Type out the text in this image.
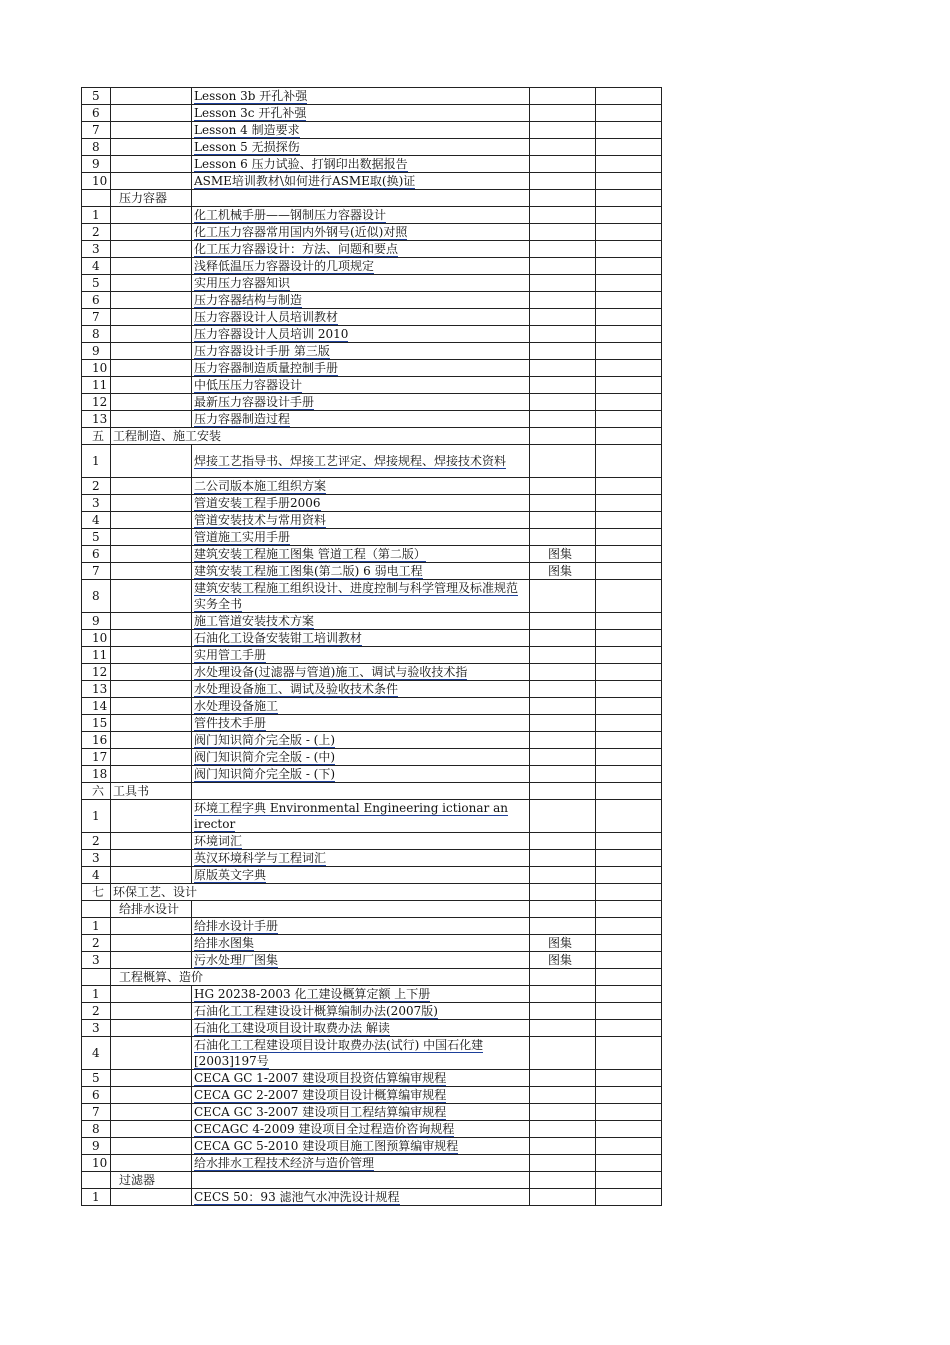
5		Lesson 3b 开孔补强		
6		Lesson 3c 开孔补强		
7		Lesson 4 制造要求		
8		Lesson 5 无损探伤		
9		Lesson 6 压力试验、打钢印出数据报告		
10		ASME培训教材\如何进行ASME取(换)证		
	压力容器			
1		化工机械手册——钢制压力容器设计		
2		化工压力容器常用国内外钢号(近似)对照		
3		化工压力容器设计：方法、问题和要点		
4		浅释低温压力容器设计的几项规定		
5		实用压力容器知识		
6		压力容器结构与制造		
7		压力容器设计人员培训教材		
8		压力容器设计人员培训 2010		
9		压力容器设计手册 第三版		
10		压力容器制造质量控制手册		
11		中低压压力容器设计		
12		最新压力容器设计手册		
13		压力容器制造过程		
五	工程制造、施工安装			
1		焊接工艺指导书、焊接工艺评定、焊接规程、焊接技术资料		
2		二公司版本施工组织方案		
3		管道安装工程手册2006		
4		管道安装技术与常用资料		
5		管道施工实用手册		
6		建筑安装工程施工图集 管道工程（第二版）	图集	
7		建筑安装工程施工图集(第二版) 6 弱电工程	图集	
8		建筑安装工程施工组织设计、进度控制与科学管理及标准规范实务全书		
9		施工管道安装技术方案		
10		石油化工设备安装钳工培训教材		
11		实用管工手册		
12		水处理设备(过滤器与管道)施工、调试与验收技术指		
13		水处理设备施工、调试及验收技术条件		
14		水处理设备施工		
15		管件技术手册		
16		阀门知识简介完全版 - (上)		
17		阀门知识简介完全版 - (中)		
18		阀门知识简介完全版 - (下)		
六	工具书			
1		环境工程字典 Environmental Engineering ictionar an irector		
2		环境词汇		
3		英汉环境科学与工程词汇		
4		原版英文字典		
七	环保工艺、设计			
	给排水设计			
1		给排水设计手册		
2		给排水图集	图集	
3		污水处理厂图集	图集	
	工程概算、造价			
1		HG 20238-2003 化工建设概算定额 上下册		
2		石油化工工程建设设计概算编制办法(2007版)		
3		石油化工建设项目设计取费办法 解读		
4		石油化工工程建设项目设计取费办法(试行) 中国石化建[2003]197号		
5		CECA GC 1-2007 建设项目投资估算编审规程		
6		CECA GC 2-2007 建设项目设计概算编审规程		
7		CECA GC 3-2007 建设项目工程结算编审规程		
8		CECAGC 4-2009 建设项目全过程造价咨询规程		
9		CECA GC 5-2010 建设项目施工图预算编审规程		
10		给水排水工程技术经济与造价管理		
	过滤器			
1		CECS 50：93 滤池气水冲洗设计规程		
